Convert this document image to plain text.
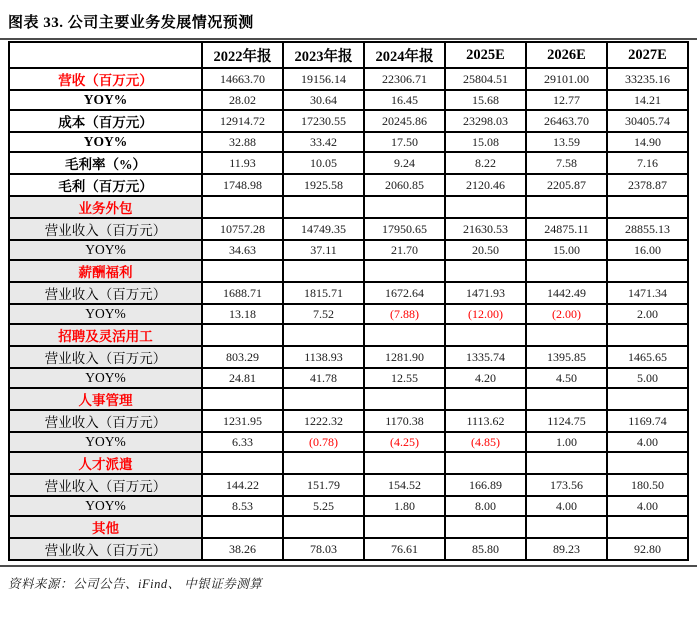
图表 33. 公司主要业务发展情况预测
	2022年报	2023年报	2024年报	2025E	2026E	2027E
营收（百万元）	14663.70	19156.14	22306.71	25804.51	29101.00	33235.16
YOY%	28.02	30.64	16.45	15.68	12.77	14.21
成本（百万元）	12914.72	17230.55	20245.86	23298.03	26463.70	30405.74
YOY%	32.88	33.42	17.50	15.08	13.59	14.90
毛利率（%）	11.93	10.05	9.24	8.22	7.58	7.16
毛利（百万元）	1748.98	1925.58	2060.85	2120.46	2205.87	2378.87
业务外包						
营业收入（百万元）	10757.28	14749.35	17950.65	21630.53	24875.11	28855.13
YOY%	34.63	37.11	21.70	20.50	15.00	16.00
薪酬福利						
营业收入（百万元）	1688.71	1815.71	1672.64	1471.93	1442.49	1471.34
YOY%	13.18	7.52	(7.88)	(12.00)	(2.00)	2.00
招聘及灵活用工						
营业收入（百万元）	803.29	1138.93	1281.90	1335.74	1395.85	1465.65
YOY%	24.81	41.78	12.55	4.20	4.50	5.00
人事管理						
营业收入（百万元）	1231.95	1222.32	1170.38	1113.62	1124.75	1169.74
YOY%	6.33	(0.78)	(4.25)	(4.85)	1.00	4.00
人才派遣						
营业收入（百万元）	144.22	151.79	154.52	166.89	173.56	180.50
YOY%	8.53	5.25	1.80	8.00	4.00	4.00
其他						
营业收入（百万元）	38.26	78.03	76.61	85.80	89.23	92.80
资料来源：公司公告、iFind、 中银证券测算
